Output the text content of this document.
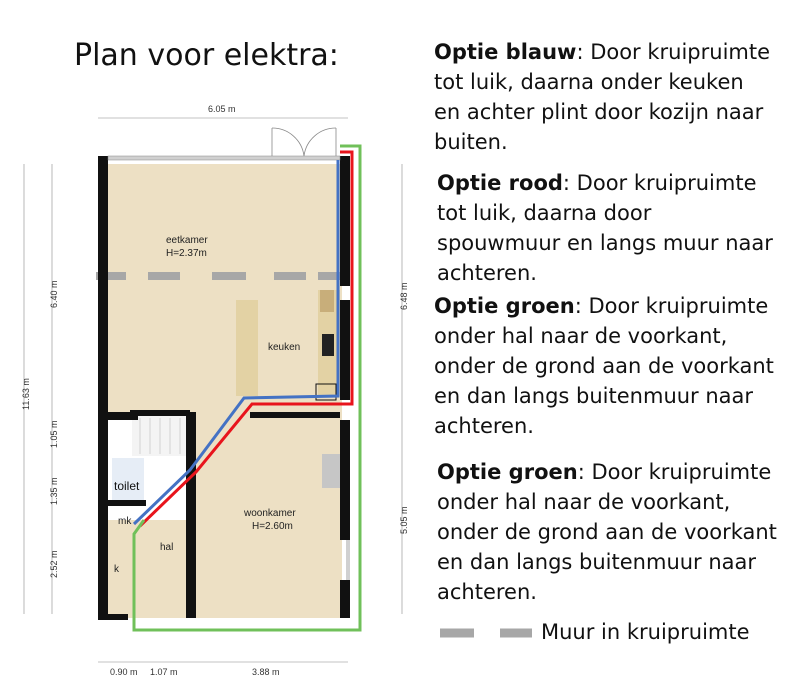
eetkamer
H=2.37m
keuken
woonkamer
H=2.60m
toilet
mk
hal
k
6.05 m
6.40 m
11.63 m
1.05 m
1.35 m
2.52 m
6.48 m
5.05 m
0.90 m 1.07 m	3.88 m
Plan voor elektra:	Optie blauw: Door kruipruimte tot luik, daarna onder keuken en achter plint door kozijn naar buiten.
Optie rood: Door kruipruimte tot luik, daarna door spouwmuur en langs muur naar achteren.
Optie groen: Door kruipruimte onder hal naar de voorkant, onder de grond aan de voorkant en dan langs buitenmuur naar achteren.
Optie groen: Door kruipruimte onder hal naar de voorkant, onder de grond aan de voorkant en dan langs buitenmuur naar achteren.
Muur in kruipruimte
